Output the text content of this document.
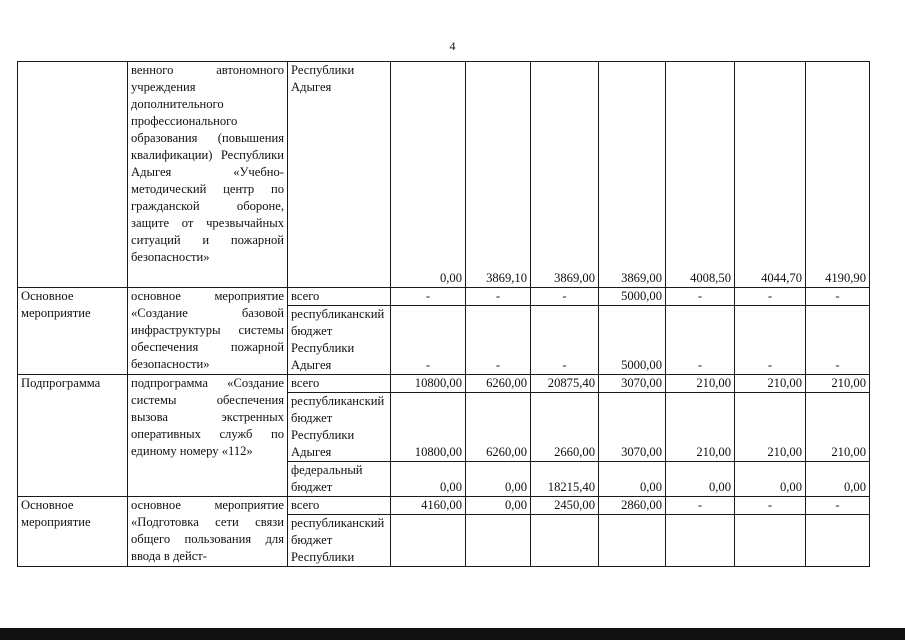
4
	венного автономного учреждения дополнительного профессионального образования (повышения квалификации) Республики Адыгея «Учебно-методический центр по гражданской обороне, защите от чрезвычайных ситуаций и пожарной безопасности»	Республики Адыгея	0,00	3869,10	3869,00	3869,00	4008,50	4044,70	4190,90
Основное мероприятие	основное мероприятие «Создание базовой инфраструктуры системы обеспечения пожарной безопасности»	всего	-	-	-	5000,00	-	-	-
		республиканский бюджет Республики Адыгея	-	-	-	5000,00	-	-	-
Подпрограмма	подпрограмма «Создание системы обеспечения вызова экстренных оперативных служб по единому номеру «112»	всего	10800,00	6260,00	20875,40	3070,00	210,00	210,00	210,00
		республиканский бюджет Республики Адыгея	10800,00	6260,00	2660,00	3070,00	210,00	210,00	210,00
		федеральный бюджет	0,00	0,00	18215,40	0,00	0,00	0,00	0,00
Основное мероприятие	основное мероприятие «Подготовка сети связи общего пользования для ввода в дейст-	всего	4160,00	0,00	2450,00	2860,00	-	-	-
		республиканский бюджет Республики							
